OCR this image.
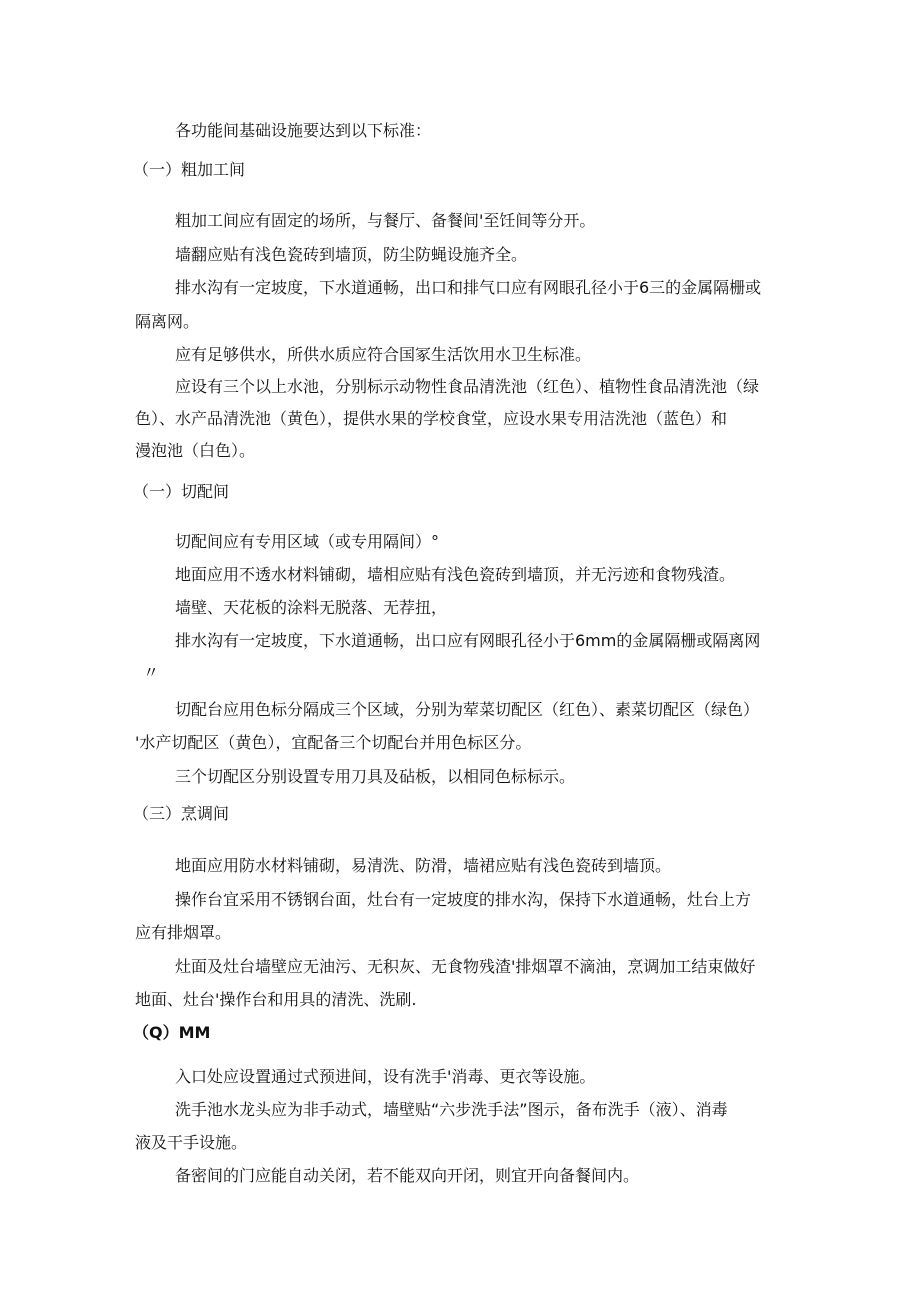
各功能间基础设施要达到以下标准：

（一）粗加工间

粗加工间应有固定的场所，与餐厅、备餐间'至饪间等分开。

墙翻应贴有浅色瓷砖到墙顶，防尘防蝇设施齐全。

排水沟有一定坡度，下水道通畅，出口和排气口应有网眼孔径小于6三的金属隔栅或

隔离网。

应有足够供水，所供水质应符合国冢生活饮用水卫生标准。

应设有三个以上水池，分别标示动物性食品清洗池（红色）、植物性食品清洗池（绿

色）、水产品清洗池（黄色），提供水果的学校食堂，应设水果专用洁洗池（蓝色）和

漫泡池（白色）。

（一）切配间

切配间应有专用区域（或专用隔间）°

地面应用不透水材料铺砌，墙相应贴有浅色瓷砖到墙顶，并无污迹和食物残渣。

墙壁、天花板的涂料无脱落、无荐扭，

排水沟有一定坡度，下水道通畅，出口应有网眼孔径小于6mm的金属隔栅或隔离网

〃

切配台应用色标分隔成三个区域，分别为荤菜切配区（红色）、素菜切配区（绿色）

'水产切配区（黄色），宜配备三个切配台并用色标区分。

三个切配区分别设置专用刀具及砧板，以相同色标标示。

（三）烹调间

地面应用防水材料铺砌，易清洗、防滑，墙裙应贴有浅色瓷砖到墙顶。

操作台宜采用不锈钢台面，灶台有一定坡度的排水沟，保持下水道通畅，灶台上方

应有排烟罩。

灶面及灶台墙壁应无油污、无积灰、无食物残渣'排烟罩不滴油，烹调加工结束做好

地面、灶台'操作台和用具的清洗、洗刷.

（Q）MM

入口处应设置通过式预进间，设有洗手'消毒、更衣等设施。

洗手池水龙头应为非手动式，墙壁贴“六步洗手法”图示，备布洗手（液）、消毒

液及干手设施。

备密间的门应能自动关闭，若不能双向开闭，则宜开向备餐间内。
